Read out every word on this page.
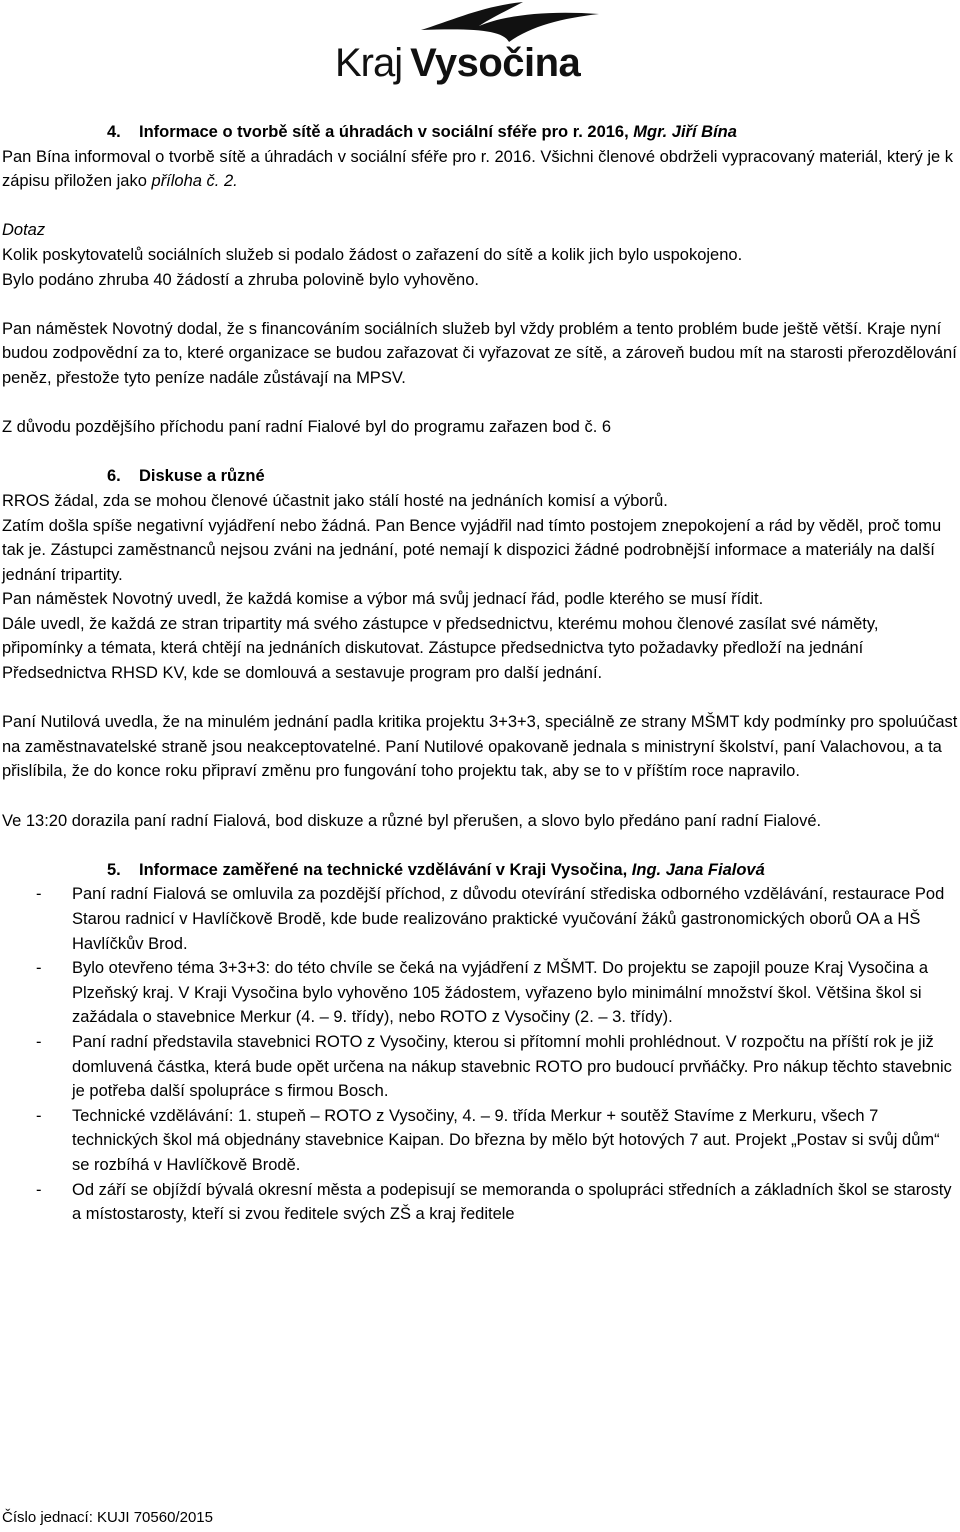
Kraj Vysočina

4. Informace o tvorbě sítě a úhradách v sociální sféře pro r. 2016, Mgr. Jiří Bína

Pan Bína informoval o tvorbě sítě a úhradách v sociální sféře pro r. 2016. Všichni členové obdrželi vypracovaný materiál, který je k zápisu přiložen jako příloha č. 2.

Dotaz

Kolik poskytovatelů sociálních služeb si podalo žádost o zařazení do sítě a kolik jich bylo uspokojeno.

Bylo podáno zhruba 40 žádostí a zhruba polovině bylo vyhověno.

Pan náměstek Novotný dodal, že s financováním sociálních služeb byl vždy problém a tento problém bude ještě větší. Kraje nyní budou zodpovědní za to, které organizace se budou zařazovat či vyřazovat ze sítě, a zároveň budou mít na starosti přerozdělování peněz, přestože tyto peníze nadále zůstávají na MPSV.

Z důvodu pozdějšího příchodu paní radní Fialové byl do programu zařazen bod č. 6

6. Diskuse a různé

RROS žádal, zda se mohou členové účastnit jako stálí hosté na jednáních komisí a výborů.

Zatím došla spíše negativní vyjádření nebo žádná. Pan Bence vyjádřil nad tímto postojem znepokojení a rád by věděl, proč tomu tak je. Zástupci zaměstnanců nejsou zváni na jednání, poté nemají k dispozici žádné podrobnější informace a materiály na další jednání tripartity.

Pan náměstek Novotný uvedl, že každá komise a výbor má svůj jednací řád, podle kterého se musí řídit.

Dále uvedl, že každá ze stran tripartity má svého zástupce v předsednictvu, kterému mohou členové zasílat své náměty, připomínky a témata, která chtějí na jednáních diskutovat. Zástupce předsednictva tyto požadavky předloží na jednání Předsednictva RHSD KV, kde se domlouvá a sestavuje program pro další jednání.

Paní Nutilová uvedla, že na minulém jednání padla kritika projektu 3+3+3, speciálně ze strany MŠMT kdy podmínky pro spoluúčast na zaměstnavatelské straně jsou neakceptovatelné. Paní Nutilové opakovaně jednala s ministryní školství, paní Valachovou, a ta přislíbila, že do konce roku připraví změnu pro fungování toho projektu tak, aby se to v příštím roce napravilo.

Ve 13:20 dorazila paní radní Fialová, bod diskuze a různé byl přerušen, a slovo bylo předáno paní radní Fialové.

5. Informace zaměřené na technické vzdělávání v Kraji Vysočina, Ing. Jana Fialová

- Paní radní Fialová se omluvila za pozdější příchod, z důvodu otevírání střediska odborného vzdělávání, restaurace Pod Starou radnicí v Havlíčkově Brodě, kde bude realizováno praktické vyučování žáků gastronomických oborů OA a HŠ Havlíčkův Brod.
- Bylo otevřeno téma 3+3+3: do této chvíle se čeká na vyjádření z MŠMT. Do projektu se zapojil pouze Kraj Vysočina a Plzeňský kraj. V Kraji Vysočina bylo vyhověno 105 žádostem, vyřazeno bylo minimální množství škol. Většina škol si zažádala o stavebnice Merkur (4. – 9. třídy), nebo ROTO z Vysočiny (2. – 3. třídy).
- Paní radní představila stavebnici ROTO z Vysočiny, kterou si přítomní mohli prohlédnout. V rozpočtu na příští rok je již domluvená částka, která bude opět určena na nákup stavebnic ROTO pro budoucí prvňáčky. Pro nákup těchto stavebnic je potřeba další spolupráce s firmou Bosch.
- Technické vzdělávání: 1. stupeň – ROTO z Vysočiny, 4. – 9. třída Merkur + soutěž Stavíme z Merkuru, všech 7 technických škol má objednány stavebnice Kaipan. Do března by mělo být hotových 7 aut. Projekt „Postav si svůj dům“ se rozbíhá v Havlíčkově Brodě.
- Od září se objíždí bývalá okresní města a podepisují se memoranda o spolupráci středních a základních škol se starosty a místostarosty, kteří si zvou ředitele svých ZŠ a kraj ředitele
Číslo jednací: KUJI 70560/2015
